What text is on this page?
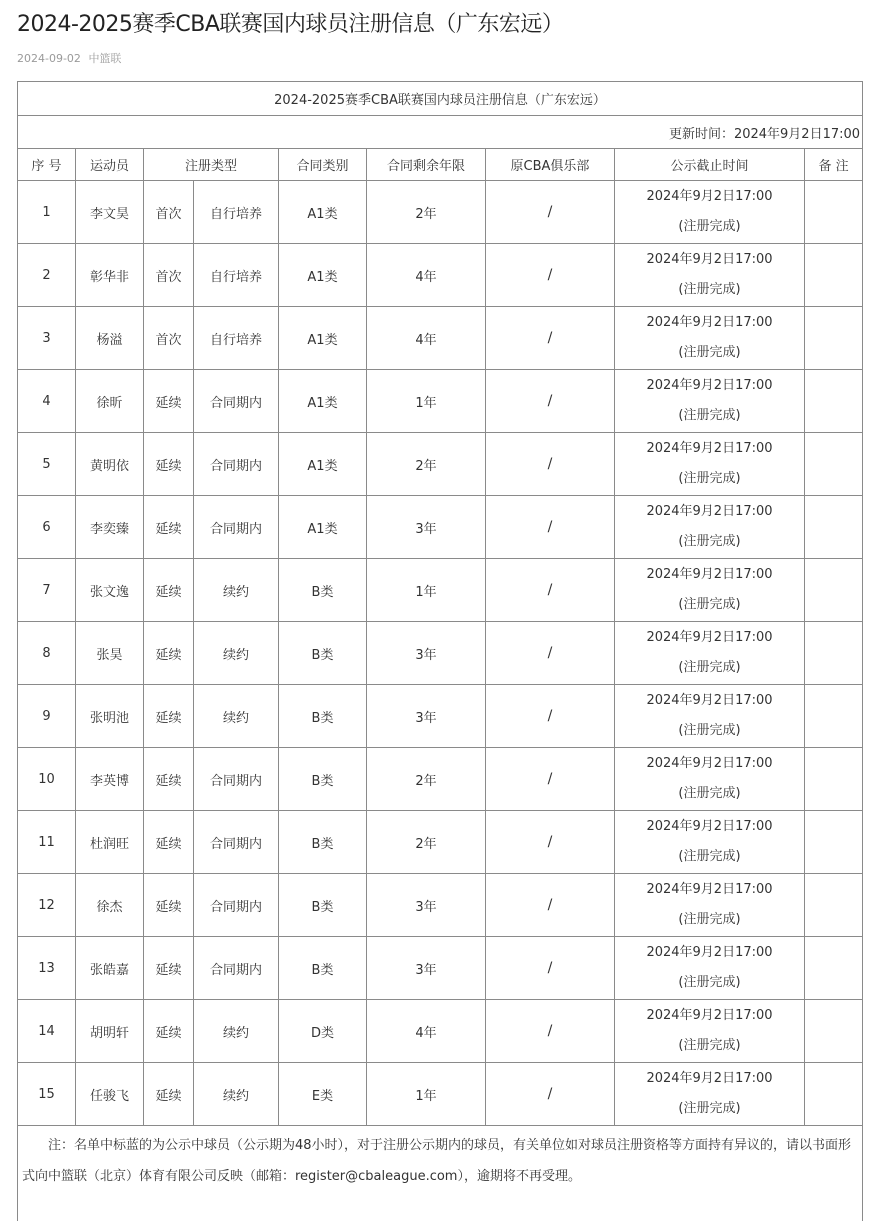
2024-2025赛季CBA联赛国内球员注册信息（广东宏远）
2024-09-02 中篮联
2024-2025赛季CBA联赛国内球员注册信息（广东宏远）								
更新时间：2024年9月2日17:00								
序 号	运动员	注册类型		合同类别	合同剩余年限	原CBA俱乐部	公示截止时间	备 注
1	李文昊	首次	自行培养	A1类	2年	/	2024年9月2日17:00
(注册完成)	

2	彰华非	首次	自行培养	A1类	4年	/	2024年9月2日17:00
(注册完成)	

3	杨溢	首次	自行培养	A1类	4年	/	2024年9月2日17:00
(注册完成)	

4	徐昕	延续	合同期内	A1类	1年	/	2024年9月2日17:00
(注册完成)	

5	黄明依	延续	合同期内	A1类	2年	/	2024年9月2日17:00
(注册完成)	

6	李奕臻	延续	合同期内	A1类	3年	/	2024年9月2日17:00
(注册完成)	

7	张文逸	延续	续约	B类	1年	/	2024年9月2日17:00
(注册完成)	

8	张昊	延续	续约	B类	3年	/	2024年9月2日17:00
(注册完成)	

9	张明池	延续	续约	B类	3年	/	2024年9月2日17:00
(注册完成)	

10	李英博	延续	合同期内	B类	2年	/	2024年9月2日17:00
(注册完成)	

11	杜润旺	延续	合同期内	B类	2年	/	2024年9月2日17:00
(注册完成)	

12	徐杰	延续	合同期内	B类	3年	/	2024年9月2日17:00
(注册完成)	

13	张皓嘉	延续	合同期内	B类	3年	/	2024年9月2日17:00
(注册完成)	

14	胡明轩	延续	续约	D类	4年	/	2024年9月2日17:00
(注册完成)	

15	任骏飞	延续	续约	E类	1年	/	2024年9月2日17:00
(注册完成)	

注：名单中标蓝的为公示中球员（公示期为48小时），对于注册公示期内的球员，有关单位如对球员注册资格等方面持有异议的，请以书面形式向中篮联（北京）体育有限公司反映（邮箱：register@cbaleague.com），逾期将不再受理。								
